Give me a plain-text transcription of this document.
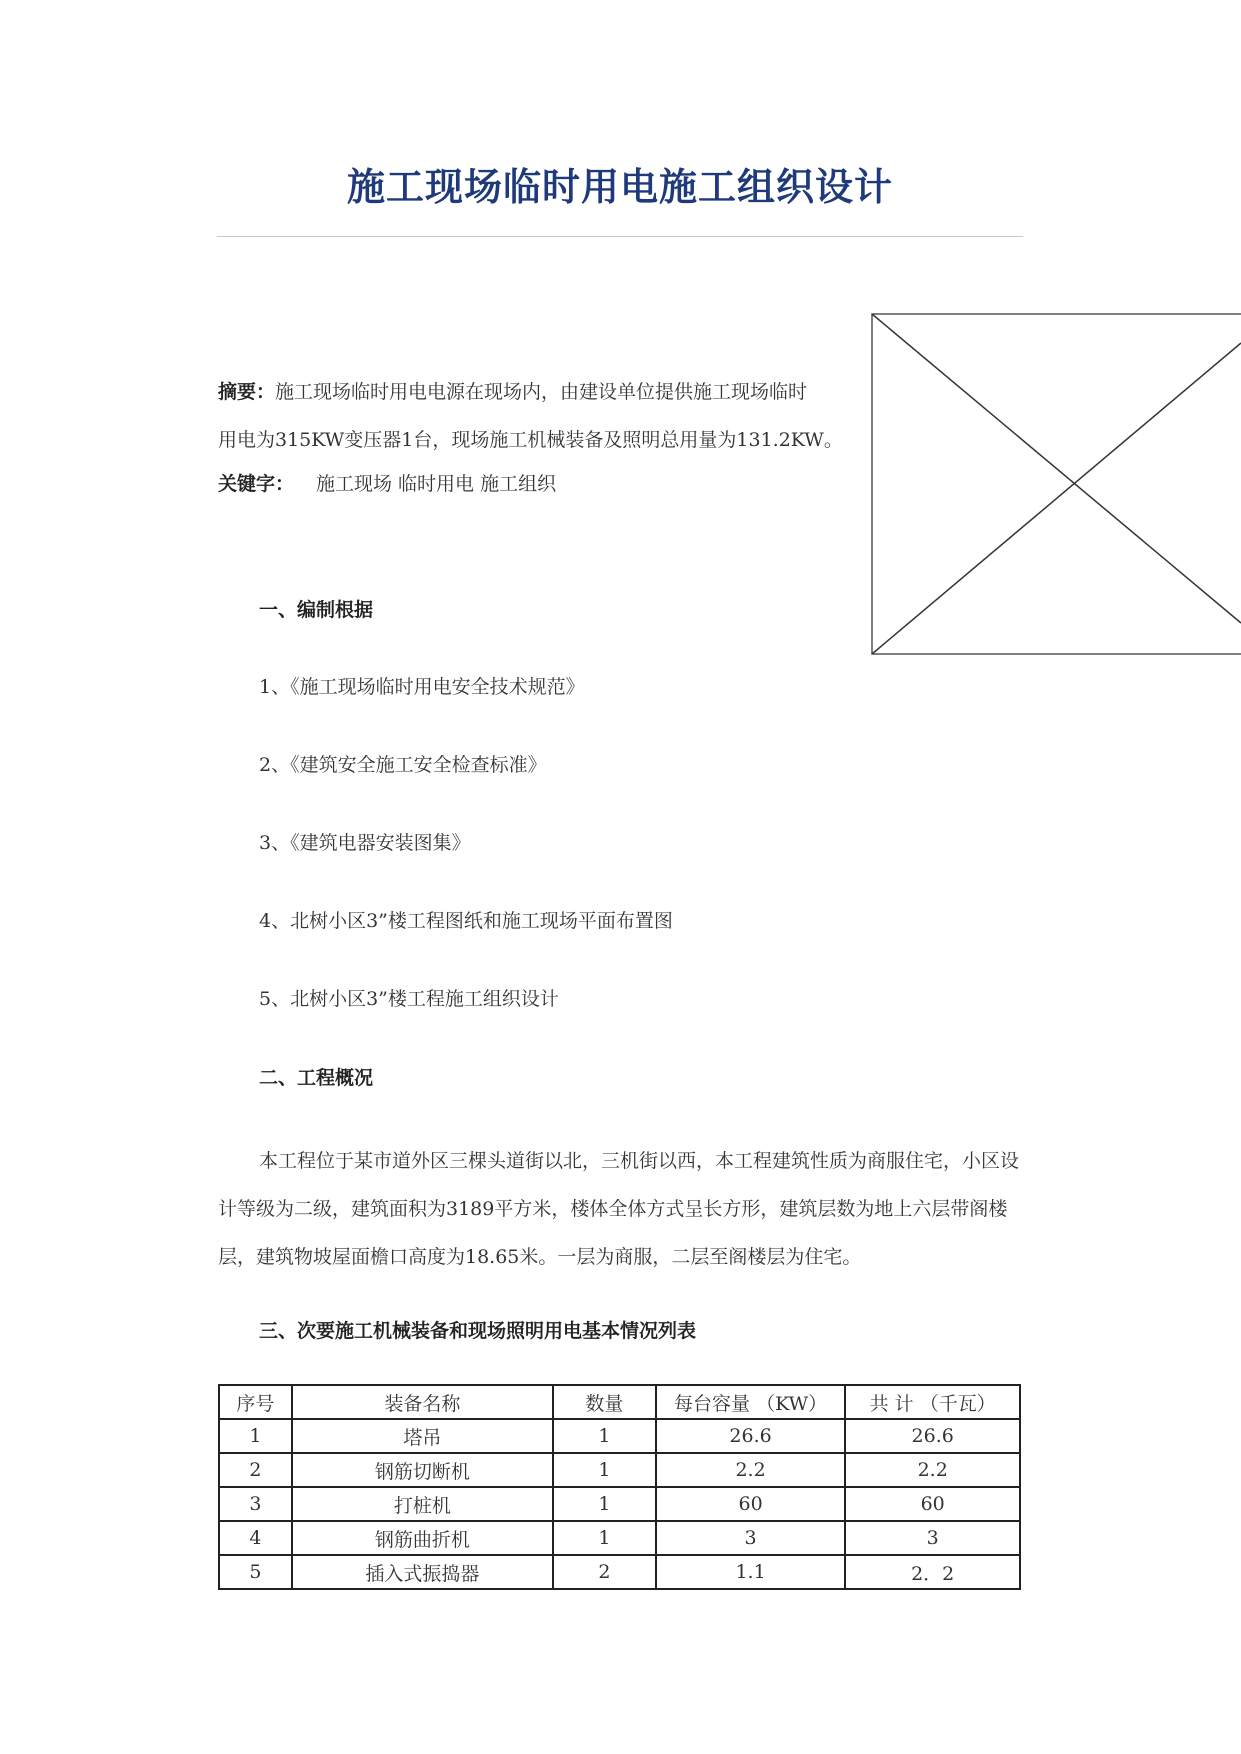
施工现场临时用电施工组织设计
摘要：施工现场临时用电电源在现场内，由建设单位提供施工现场临时
用电为315KW变压器1台，现场施工机械装备及照明总用量为131.2KW。
关键字： 施工现场 临时用电 施工组织
一、编制根据
1、《施工现场临时用电安全技术规范》
2、《建筑安全施工安全检查标准》
3、《建筑电器安装图集》
4、北树小区3”楼工程图纸和施工现场平面布置图
5、北树小区3”楼工程施工组织设计
二、工程概况
本工程位于某市道外区三棵头道街以北，三机街以西，本工程建筑性质为商服住宅，小区设计等级为二级，建筑面积为3189平方米，楼体全体方式呈长方形，建筑层数为地上六层带阁楼层，建筑物坡屋面檐口高度为18.65米。一层为商服，二层至阁楼层为住宅。
三、次要施工机械装备和现场照明用电基本情况列表
序号	装备名称	数量	每台容量 （KW）	共 计 （千瓦）
1	塔吊	1	26.6	26.6
2	钢筋切断机	1	2.2	2.2
3	打桩机	1	60	60
4	钢筋曲折机	1	3	3
5	插入式振捣器	2	1.1	2．2
